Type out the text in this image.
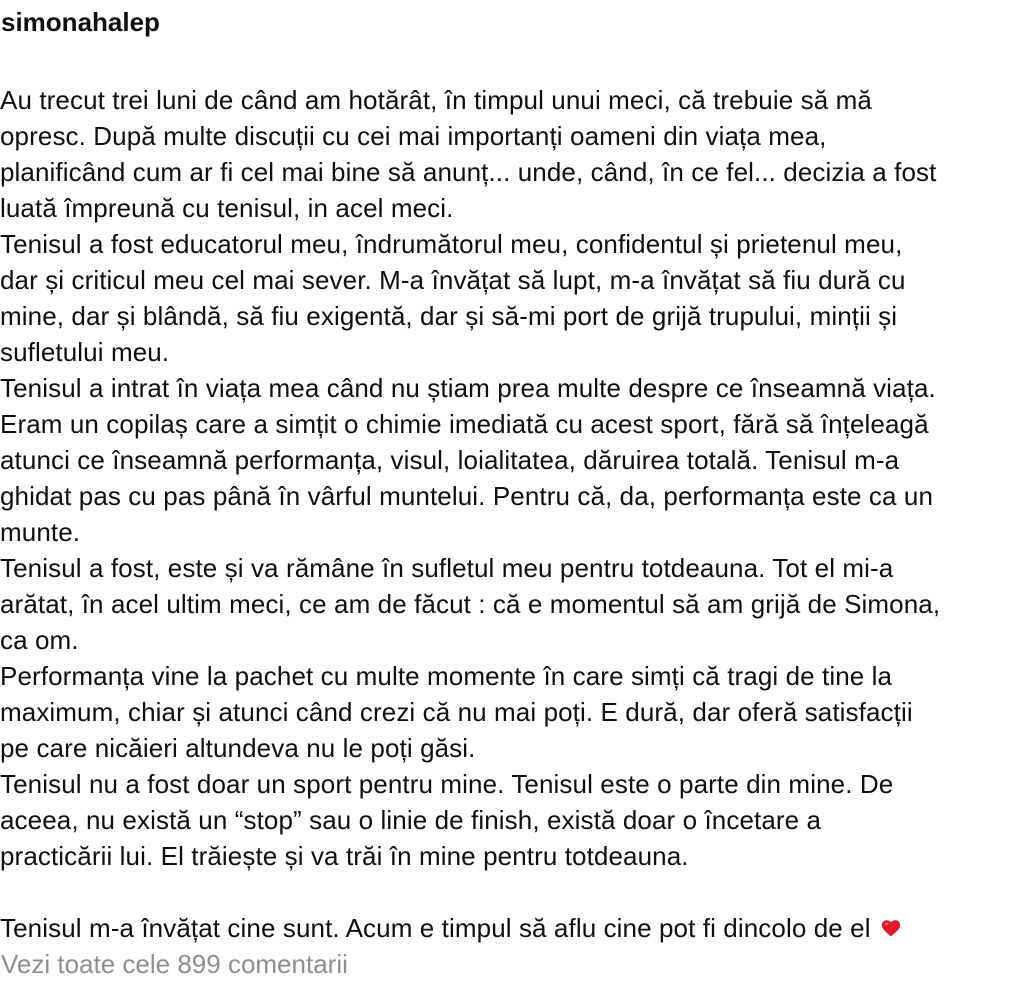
simonahalep

Au trecut trei luni de când am hotărât, în timpul unui meci, că trebuie să mă
opresc. După multe discuții cu cei mai importanți oameni din viața mea,
planificând cum ar fi cel mai bine să anunț... unde, când, în ce fel... decizia a fost
luată împreună cu tenisul, in acel meci.

Tenisul a fost educatorul meu, îndrumătorul meu, confidentul și prietenul meu,
dar și criticul meu cel mai sever. M-a învățat să lupt, m-a învățat să fiu dură cu
mine, dar și blândă, să fiu exigentă, dar și să-mi port de grijă trupului, minții și
sufletului meu.

Tenisul a intrat în viața mea când nu știam prea multe despre ce înseamnă viața.
Eram un copilaș care a simțit o chimie imediată cu acest sport, fără să înțeleagă
atunci ce înseamnă performanța, visul, loialitatea, dăruirea totală. Tenisul m-a
ghidat pas cu pas până în vârful muntelui. Pentru că, da, performanța este ca un
munte.

Tenisul a fost, este și va rămâne în sufletul meu pentru totdeauna. Tot el mi-a
arătat, în acel ultim meci, ce am de făcut : că e momentul să am grijă de Simona,
ca om.

Performanța vine la pachet cu multe momente în care simți că tragi de tine la
maximum, chiar și atunci când crezi că nu mai poți. E dură, dar oferă satisfacții
pe care nicăieri altundeva nu le poți găsi.

Tenisul nu a fost doar un sport pentru mine. Tenisul este o parte din mine. De
aceea, nu există un “stop” sau o linie de finish, există doar o încetare a
practicării lui. El trăiește și va trăi în mine pentru totdeauna.

Tenisul m-a învățat cine sunt. Acum e timpul să aflu cine pot fi dincolo de el

Vezi toate cele 899 comentarii
